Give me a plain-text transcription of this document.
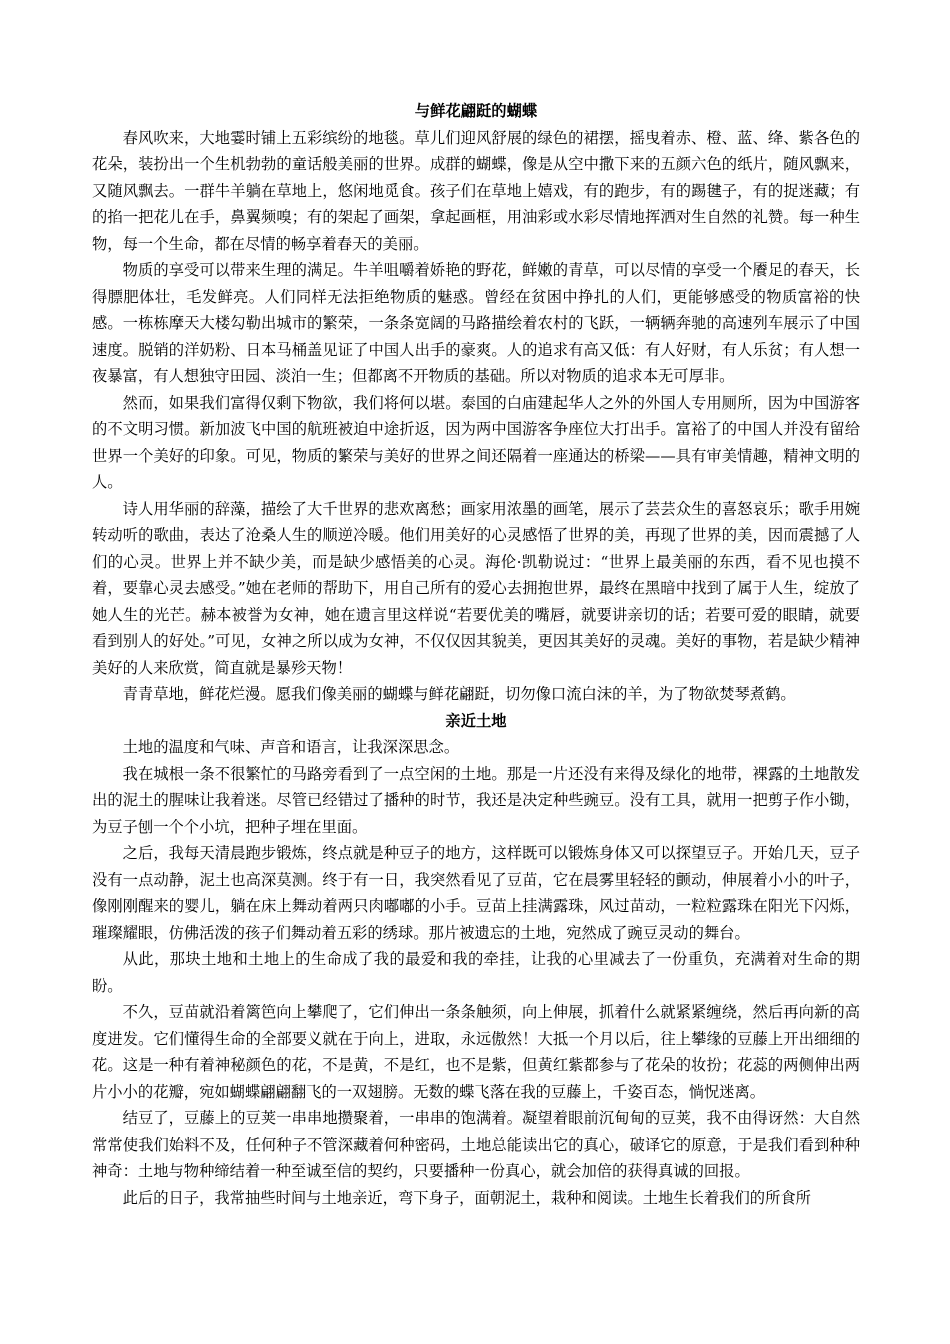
与鲜花翩跹的蝴蝶

春风吹来，大地霎时铺上五彩缤纷的地毯。草儿们迎风舒展的绿色的裙摆，摇曳着赤、橙、蓝、绛、紫各色的花朵，装扮出一个生机勃勃的童话般美丽的世界。成群的蝴蝶，像是从空中撒下来的五颜六色的纸片，随风飘来，又随风飘去。一群牛羊躺在草地上，悠闲地觅食。孩子们在草地上嬉戏，有的跑步，有的踢毽子，有的捉迷藏；有的掐一把花儿在手，鼻翼频嗅；有的架起了画架，拿起画框，用油彩或水彩尽情地挥洒对生自然的礼赞。每一种生物，每一个生命，都在尽情的畅享着春天的美丽。

物质的享受可以带来生理的满足。牛羊咀嚼着娇艳的野花，鲜嫩的青草，可以尽情的享受一个餍足的春天，长得膘肥体壮，毛发鲜亮。人们同样无法拒绝物质的魅惑。曾经在贫困中挣扎的人们，更能够感受的物质富裕的快感。一栋栋摩天大楼勾勒出城市的繁荣，一条条宽阔的马路描绘着农村的飞跃，一辆辆奔驰的高速列车展示了中国速度。脱销的洋奶粉、日本马桶盖见证了中国人出手的豪爽。人的追求有高又低：有人好财，有人乐贫；有人想一夜暴富，有人想独守田园、淡泊一生；但都离不开物质的基础。所以对物质的追求本无可厚非。

然而，如果我们富得仅剩下物欲，我们将何以堪。泰国的白庙建起华人之外的外国人专用厕所，因为中国游客的不文明习惯。新加波飞中国的航班被迫中途折返，因为两中国游客争座位大打出手。富裕了的中国人并没有留给世界一个美好的印象。可见，物质的繁荣与美好的世界之间还隔着一座通达的桥梁——具有审美情趣，精神文明的人。

诗人用华丽的辞藻，描绘了大千世界的悲欢离愁；画家用浓墨的画笔，展示了芸芸众生的喜怒哀乐；歌手用婉转动听的歌曲，表达了沧桑人生的顺逆冷暖。他们用美好的心灵感悟了世界的美，再现了世界的美，因而震撼了人们的心灵。世界上并不缺少美，而是缺少感悟美的心灵。海伦·凯勒说过：“世界上最美丽的东西，看不见也摸不着，要靠心灵去感受。”她在老师的帮助下，用自己所有的爱心去拥抱世界，最终在黑暗中找到了属于人生，绽放了她人生的光芒。赫本被誉为女神，她在遗言里这样说“若要优美的嘴唇，就要讲亲切的话；若要可爱的眼睛，就要看到别人的好处。”可见，女神之所以成为女神，不仅仅因其貌美，更因其美好的灵魂。美好的事物，若是缺少精神美好的人来欣赏，简直就是暴殄天物！

青青草地，鲜花烂漫。愿我们像美丽的蝴蝶与鲜花翩跹，切勿像口流白沫的羊，为了物欲焚琴煮鹤。

亲近土地

土地的温度和气味、声音和语言，让我深深思念。

我在城根一条不很繁忙的马路旁看到了一点空闲的土地。那是一片还没有来得及绿化的地带，裸露的土地散发出的泥土的腥味让我着迷。尽管已经错过了播种的时节，我还是决定种些豌豆。没有工具，就用一把剪子作小锄，为豆子刨一个个小坑，把种子埋在里面。

之后，我每天清晨跑步锻炼，终点就是种豆子的地方，这样既可以锻炼身体又可以探望豆子。开始几天，豆子没有一点动静，泥土也高深莫测。终于有一日，我突然看见了豆苗，它在晨雾里轻轻的颤动，伸展着小小的叶子，像刚刚醒来的婴儿，躺在床上舞动着两只肉嘟嘟的小手。豆苗上挂满露珠，风过苗动，一粒粒露珠在阳光下闪烁，璀璨耀眼，仿佛活泼的孩子们舞动着五彩的绣球。那片被遗忘的土地，宛然成了豌豆灵动的舞台。

从此，那块土地和土地上的生命成了我的最爱和我的牵挂，让我的心里减去了一份重负，充满着对生命的期盼。

不久，豆苗就沿着篱笆向上攀爬了，它们伸出一条条触须，向上伸展，抓着什么就紧紧缠绕，然后再向新的高度进发。它们懂得生命的全部要义就在于向上，进取，永远傲然！大抵一个月以后，往上攀缘的豆藤上开出细细的花。这是一种有着神秘颜色的花，不是黄，不是红，也不是紫，但黄红紫都参与了花朵的妆扮；花蕊的两侧伸出两片小小的花瓣，宛如蝴蝶翩翩翻飞的一双翅膀。无数的蝶飞落在我的豆藤上，千姿百态，惝怳迷离。

结豆了，豆藤上的豆荚一串串地攒聚着，一串串的饱满着。凝望着眼前沉甸甸的豆荚，我不由得讶然：大自然常常使我们始料不及，任何种子不管深藏着何种密码，土地总能读出它的真心，破译它的原意，于是我们看到种种神奇：土地与物种缔结着一种至诚至信的契约，只要播种一份真心，就会加倍的获得真诚的回报。

此后的日子，我常抽些时间与土地亲近，弯下身子，面朝泥土，栽种和阅读。土地生长着我们的所食所
